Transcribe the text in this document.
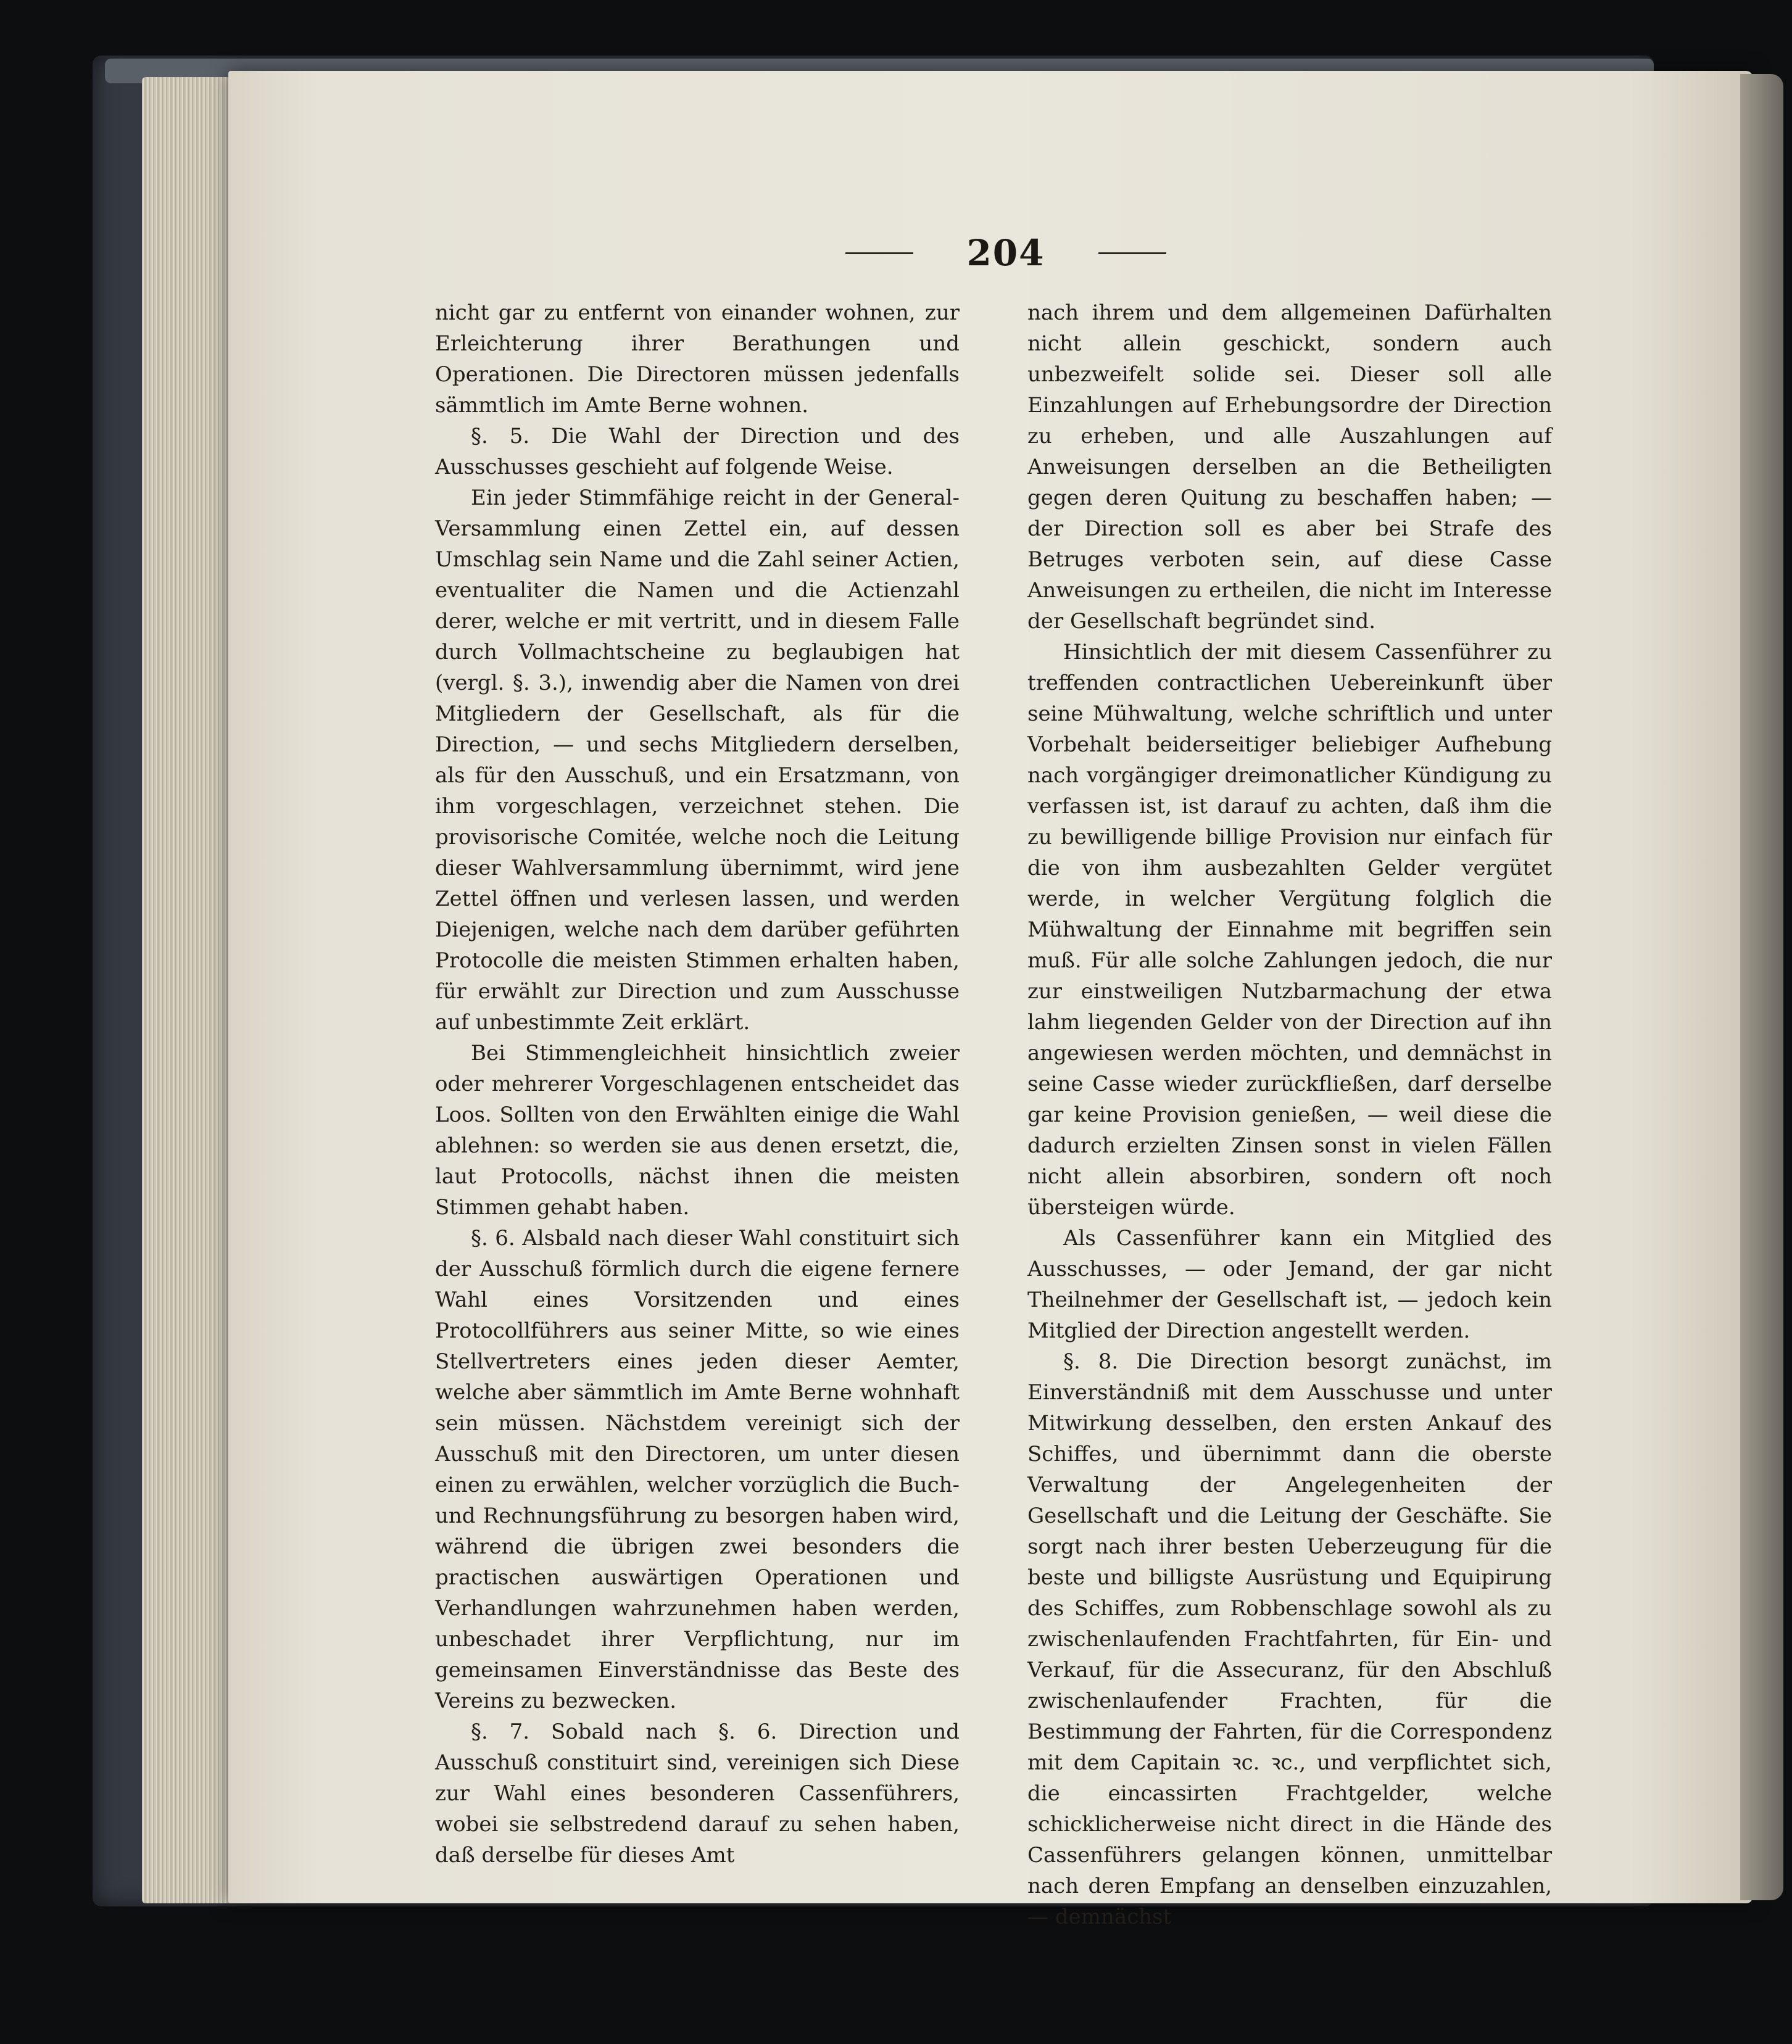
204

nicht gar zu entfernt von einander wohnen, zur Erleichterung ihrer Berathungen und Operationen. Die Directoren müssen jedenfalls sämmtlich im Amte Berne wohnen.

§. 5. Die Wahl der Direction und des Ausschusses geschieht auf folgende Weise.

Ein jeder Stimmfähige reicht in der General-Versammlung einen Zettel ein, auf dessen Umschlag sein Name und die Zahl seiner Actien, eventualiter die Namen und die Actienzahl derer, welche er mit vertritt, und in diesem Falle durch Vollmachtscheine zu beglaubigen hat (vergl. §. 3.), inwendig aber die Namen von drei Mitgliedern der Gesellschaft, als für die Direction, — und sechs Mitgliedern derselben, als für den Ausschuß, und ein Ersatzmann, von ihm vorgeschlagen, verzeichnet stehen. Die provisorische Comitée, welche noch die Leitung dieser Wahlversammlung übernimmt, wird jene Zettel öffnen und verlesen lassen, und werden Diejenigen, welche nach dem darüber geführten Protocolle die meisten Stimmen erhalten haben, für erwählt zur Direction und zum Ausschusse auf unbestimmte Zeit erklärt.

Bei Stimmengleichheit hinsichtlich zweier oder mehrerer Vorgeschlagenen entscheidet das Loos. Sollten von den Erwählten einige die Wahl ablehnen: so werden sie aus denen ersetzt, die, laut Protocolls, nächst ihnen die meisten Stimmen gehabt haben.

§. 6. Alsbald nach dieser Wahl constituirt sich der Ausschuß förmlich durch die eigene fernere Wahl eines Vorsitzenden und eines Protocollführers aus seiner Mitte, so wie eines Stellvertreters eines jeden dieser Aemter, welche aber sämmtlich im Amte Berne wohnhaft sein müssen. Nächstdem vereinigt sich der Ausschuß mit den Directoren, um unter diesen einen zu erwählen, welcher vorzüglich die Buch- und Rechnungsführung zu besorgen haben wird, während die übrigen zwei besonders die practischen auswärtigen Operationen und Verhandlungen wahrzunehmen haben werden, unbeschadet ihrer Verpflichtung, nur im gemeinsamen Einverständnisse das Beste des Vereins zu bezwecken.

§. 7. Sobald nach §. 6. Direction und Ausschuß constituirt sind, vereinigen sich Diese zur Wahl eines besonderen Cassenführers, wobei sie selbstredend darauf zu sehen haben, daß derselbe für dieses Amt

nach ihrem und dem allgemeinen Dafürhalten nicht allein geschickt, sondern auch unbezweifelt solide sei. Dieser soll alle Einzahlungen auf Erhebungsordre der Direction zu erheben, und alle Auszahlungen auf Anweisungen derselben an die Betheiligten gegen deren Quitung zu beschaffen haben; — der Direction soll es aber bei Strafe des Betruges verboten sein, auf diese Casse Anweisungen zu ertheilen, die nicht im Interesse der Gesellschaft begründet sind.

Hinsichtlich der mit diesem Cassenführer zu treffenden contractlichen Uebereinkunft über seine Mühwaltung, welche schriftlich und unter Vorbehalt beiderseitiger beliebiger Aufhebung nach vorgängiger dreimonatlicher Kündigung zu verfassen ist, ist darauf zu achten, daß ihm die zu bewilligende billige Provision nur einfach für die von ihm ausbezahlten Gelder vergütet werde, in welcher Vergütung folglich die Mühwaltung der Einnahme mit begriffen sein muß. Für alle solche Zahlungen jedoch, die nur zur einstweiligen Nutzbarmachung der etwa lahm liegenden Gelder von der Direction auf ihn angewiesen werden möchten, und demnächst in seine Casse wieder zurückfließen, darf derselbe gar keine Provision genießen, — weil diese die dadurch erzielten Zinsen sonst in vielen Fällen nicht allein absorbiren, sondern oft noch übersteigen würde.

Als Cassenführer kann ein Mitglied des Ausschusses, — oder Jemand, der gar nicht Theilnehmer der Gesellschaft ist, — jedoch kein Mitglied der Direction angestellt werden.

§. 8. Die Direction besorgt zunächst, im Einverständniß mit dem Ausschusse und unter Mitwirkung desselben, den ersten Ankauf des Schiffes, und übernimmt dann die oberste Verwaltung der Angelegenheiten der Gesellschaft und die Leitung der Geschäfte. Sie sorgt nach ihrer besten Ueberzeugung für die beste und billigste Ausrüstung und Equipirung des Schiffes, zum Robbenschlage sowohl als zu zwischenlaufenden Frachtfahrten, für Ein- und Verkauf, für die Assecuranz, für den Abschluß zwischenlaufender Frachten, für die Bestimmung der Fahrten, für die Correspondenz mit dem Capitain ꝛc. ꝛc., und verpflichtet sich, die eincassirten Frachtgelder, welche schicklicherweise nicht direct in die Hände des Cassenführers gelangen können, unmittelbar nach deren Empfang an denselben einzuzahlen, — demnächst
